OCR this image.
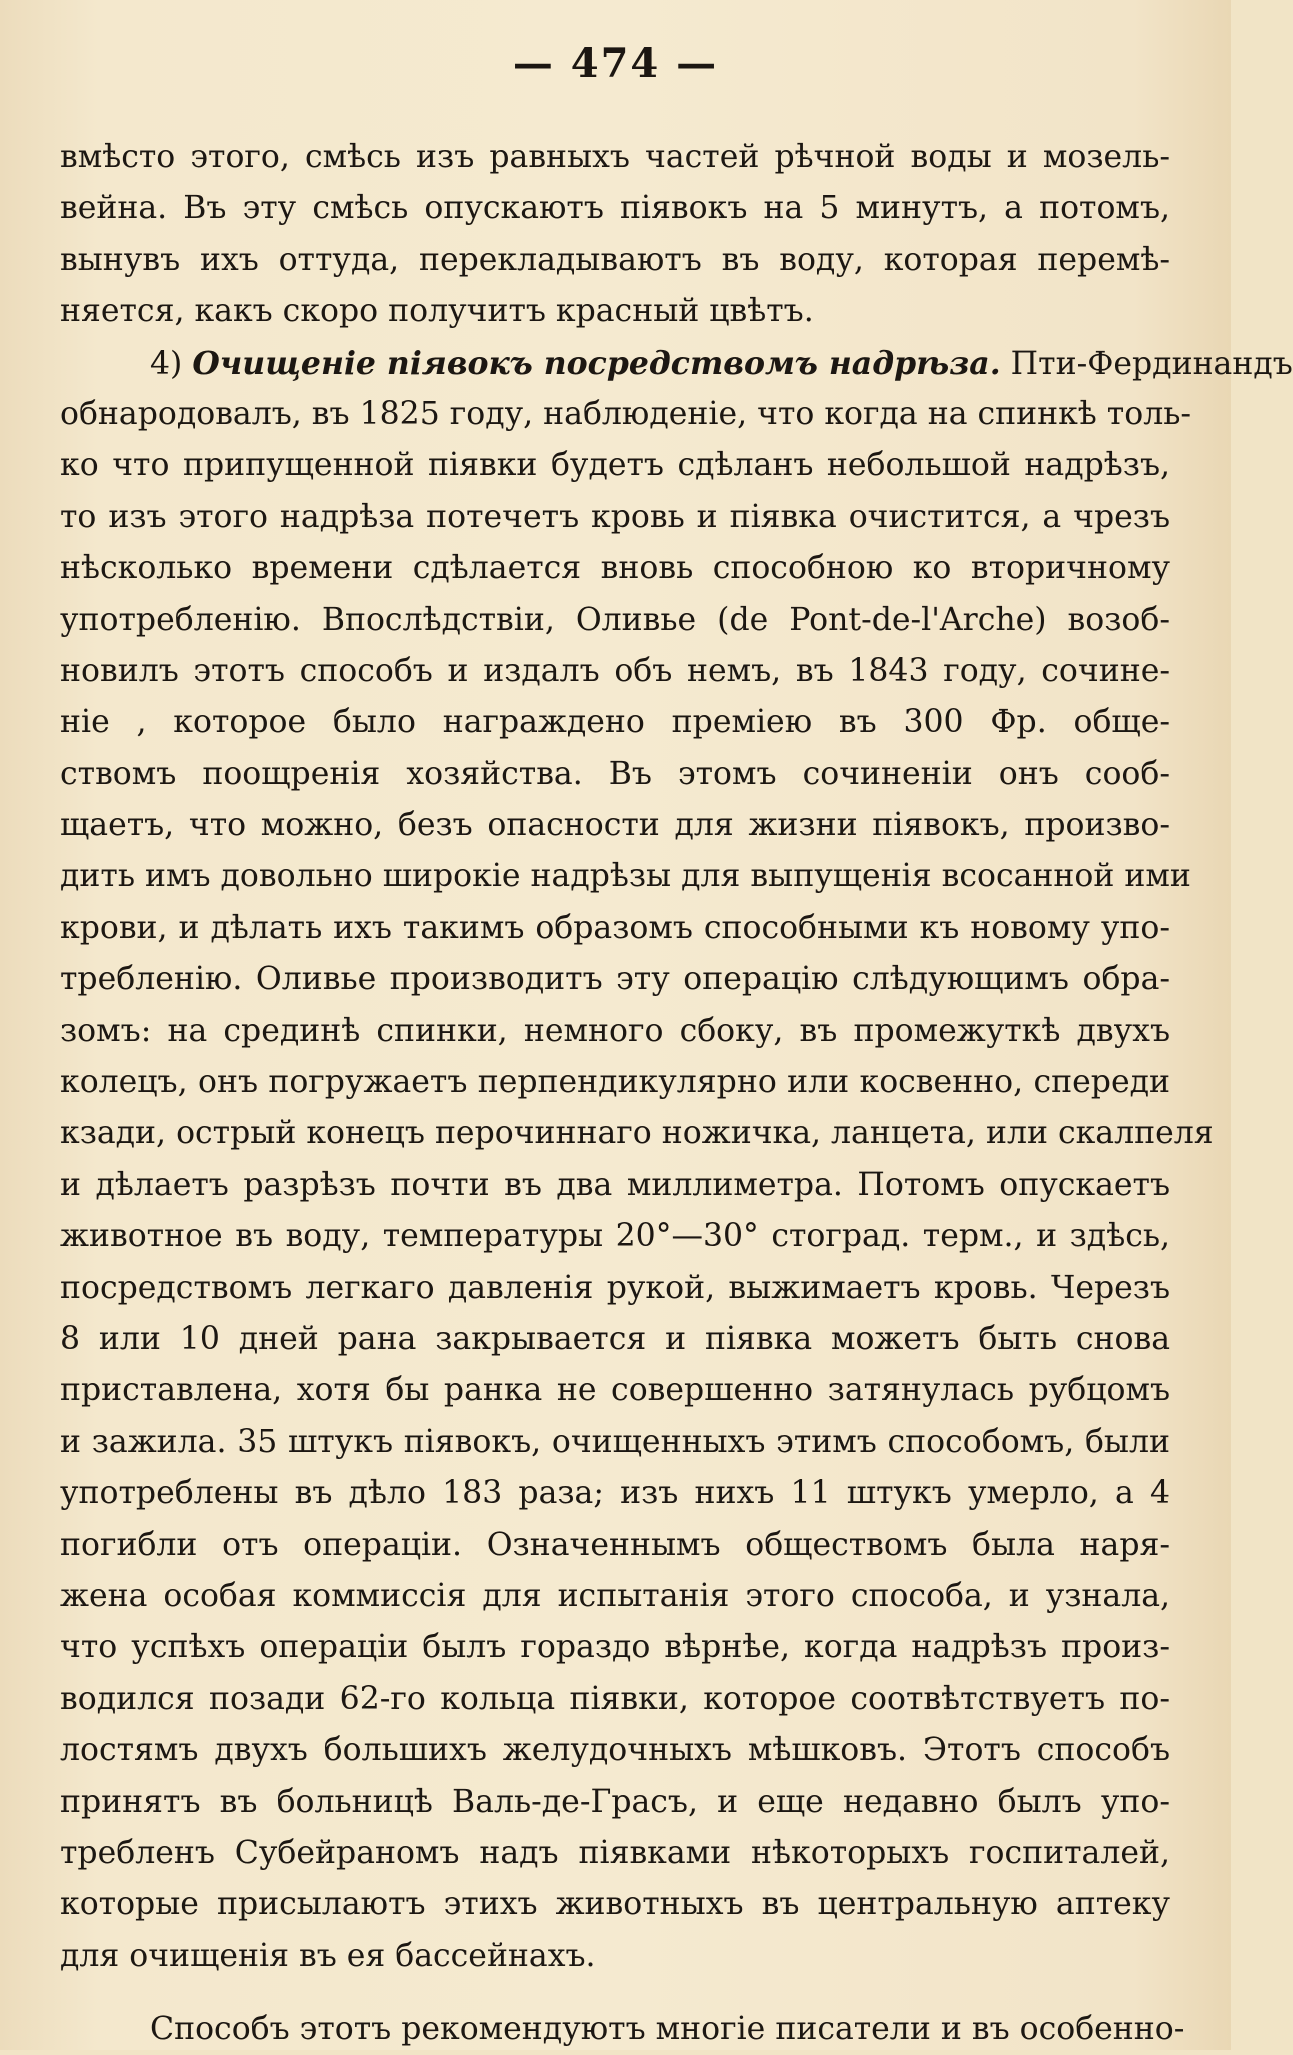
— 474 —
вмѣсто этого, смѣсь изъ равныхъ частей рѣчной воды и мозель-
вейна. Въ эту смѣсь опускаютъ пiявокъ на 5 минутъ, а потомъ,
вынувъ ихъ оттуда, перекладываютъ въ воду, которая перемѣ-
няется, какъ скоро получитъ красный цвѣтъ.
4) Очищенiе пiявокъ посредствомъ надрѣза. Пти-Фердинандъ
обнародовалъ, въ 1825 году, наблюденiе, что когда на спинкѣ толь-
ко что припущенной пiявки будетъ сдѣланъ небольшой надрѣзъ,
то изъ этого надрѣза потечетъ кровь и пiявка очистится, а чрезъ
нѣсколько времени сдѣлается вновь способною ко вторичному
употребленiю. Впослѣдствiи, Оливье (de Pont-de-l'Arche) возоб-
новилъ этотъ способъ и издалъ объ немъ, въ 1843 году, сочине-
нiе , которое было награждено премiею въ 300 Фр. обще-
ствомъ поощренiя хозяйства. Въ этомъ сочиненiи онъ сооб-
щаетъ, что можно, безъ опасности для жизни пiявокъ, произво-
дить имъ довольно широкiе надрѣзы для выпущенiя всосанной ими
крови, и дѣлать ихъ такимъ образомъ способными къ новому упо-
требленiю. Оливье производитъ эту операцiю слѣдующимъ обра-
зомъ: на срединѣ спинки, немного сбоку, въ промежуткѣ двухъ
колецъ, онъ погружаетъ перпендикулярно или косвенно, спереди
кзади, острый конецъ перочиннаго ножичка, ланцета, или скалпеля
и дѣлаетъ разрѣзъ почти въ два миллиметра. Потомъ опускаетъ
животное въ воду, температуры 20°—30° стоград. терм., и здѣсь,
посредствомъ легкаго давленiя рукой, выжимаетъ кровь. Черезъ
8 или 10 дней рана закрывается и пiявка можетъ быть снова
приставлена, хотя бы ранка не совершенно затянулась рубцомъ
и зажила. 35 штукъ пiявокъ, очищенныхъ этимъ способомъ, были
употреблены въ дѣло 183 раза; изъ нихъ 11 штукъ умерло, а 4
погибли отъ операцiи. Означеннымъ обществомъ была наря-
жена особая коммиссiя для испытанiя этого способа, и узнала,
что успѣхъ операцiи былъ гораздо вѣрнѣе, когда надрѣзъ произ-
водился позади 62-го кольца пiявки, которое соотвѣтствуетъ по-
лостямъ двухъ большихъ желудочныхъ мѣшковъ. Этотъ способъ
принятъ въ больницѣ Валь-де-Грасъ, и еще недавно былъ упо-
требленъ Субейраномъ надъ пiявками нѣкоторыхъ госпиталей,
которые присылаютъ этихъ животныхъ въ центральную аптеку
для очищенiя въ ея бассейнахъ.
Способъ этотъ рекомендуютъ многiе писатели и въ особенно-
